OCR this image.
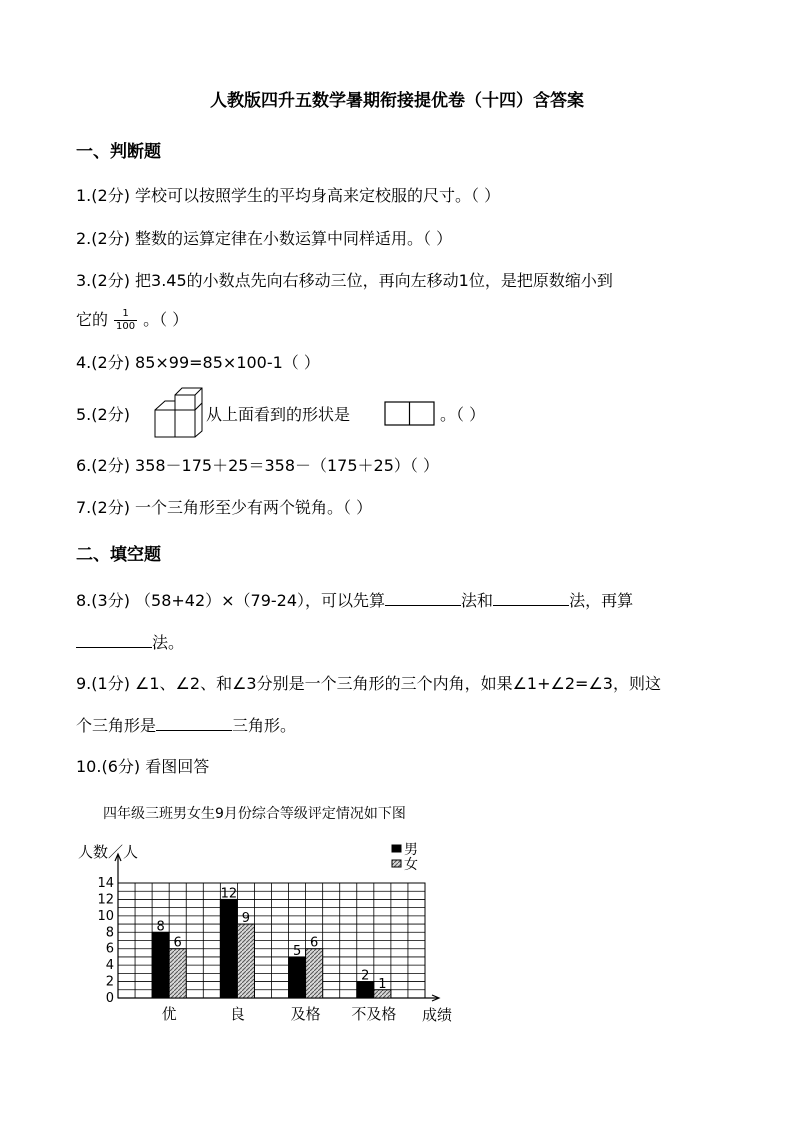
人教版四升五数学暑期衔接提优卷（十四）含答案
一、判断题
1.(2分) 学校可以按照学生的平均身高来定校服的尺寸。（ ）
2.(2分) 整数的运算定律在小数运算中同样适用。（ ）
3.(2分) 把3.45的小数点先向右移动三位，再向左移动1位，是把原数缩小到
它的 $\frac{1}{100}$ 。（ ）
4.(2分) 85×99=85×100-1（ ）
5.(2分)	从上面看到的形状是	。（ ）
6.(2分) 358－175＋25＝358－（175＋25）（ ）
7.(2分) 一个三角形至少有两个锐角。（ ）
二、填空题
8.(3分) （58+42）×（79-24），可以先算	法和	法，再算
法。
9.(1分) ∠1、∠2、和∠3分别是一个三角形的三个内角，如果∠1+∠2=∠3，则这
个三角形是	三角形。
10.(6分) 看图回答
四年级三班男女生9月份综合等级评定情况如下图
0
2
4
6
8
10
12
14
人数／人
成绩
8
6
优
12
9
良
5
6
及格
2
1
不及格
男
女
